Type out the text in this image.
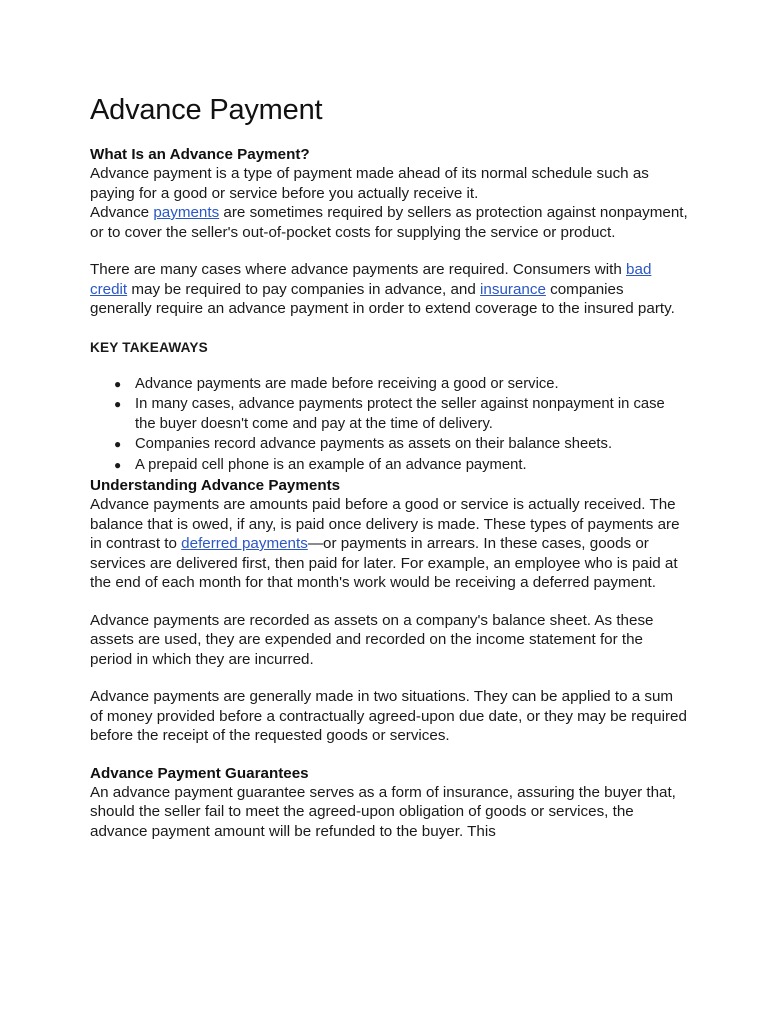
Advance Payment
What Is an Advance Payment?

Advance payment is a type of payment made ahead of its normal schedule such as paying for a good or service before you actually receive it.

Advance payments are sometimes required by sellers as protection against nonpayment, or to cover the seller's out-of-pocket costs for supplying the service or product.

There are many cases where advance payments are required. Consumers with bad credit may be required to pay companies in advance, and insurance companies generally require an advance payment in order to extend coverage to the insured party.

KEY TAKEAWAYS
● Advance payments are made before receiving a good or service.
● In many cases, advance payments protect the seller against nonpayment in case the buyer doesn't come and pay at the time of delivery.
● Companies record advance payments as assets on their balance sheets.
● A prepaid cell phone is an example of an advance payment.
Understanding Advance Payments

Advance payments are amounts paid before a good or service is actually received. The balance that is owed, if any, is paid once delivery is made. These types of payments are in contrast to deferred payments—or payments in arrears. In these cases, goods or services are delivered first, then paid for later. For example, an employee who is paid at the end of each month for that month's work would be receiving a deferred payment.

Advance payments are recorded as assets on a company's balance sheet. As these assets are used, they are expended and recorded on the income statement for the period in which they are incurred.

Advance payments are generally made in two situations. They can be applied to a sum of money provided before a contractually agreed-upon due date, or they may be required before the receipt of the requested goods or services.

Advance Payment Guarantees

An advance payment guarantee serves as a form of insurance, assuring the buyer that, should the seller fail to meet the agreed-upon obligation of goods or services, the advance payment amount will be refunded to the buyer. This
